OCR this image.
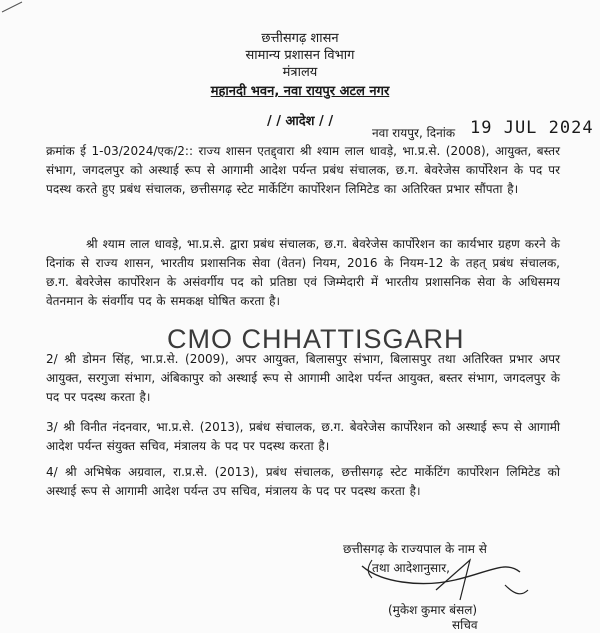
छत्तीसगढ़ शासन
सामान्य प्रशासन विभाग
मंत्रालय
महानदी भवन, नवा रायपुर अटल नगर
/ / आदेश / /
नवा रायपुर, दिनांक 19 JUL 2024
क्रमांक ई 1-03/2024/एक/2:: राज्य शासन एतद्द्वारा श्री श्याम लाल धावड़े, भा.प्र.से. (2008), आयुक्त, बस्तर संभाग, जगदलपुर को अस्थाई रूप से आगामी आदेश पर्यन्त प्रबंध संचालक, छ.ग. बेवरेजेस कार्पोरेशन के पद पर पदस्थ करते हुए प्रबंध संचालक, छत्तीसगढ़ स्टेट मार्केटिंग कार्पोरेशन लिमिटेड का अतिरिक्त प्रभार सौंपता है।
श्री श्याम लाल धावड़े, भा.प्र.से. द्वारा प्रबंध संचालक, छ.ग. बेवरेजेस कार्पोरेशन का कार्यभार ग्रहण करने के दिनांक से राज्य शासन, भारतीय प्रशासनिक सेवा (वेतन) नियम, 2016 के नियम-12 के तहत् प्रबंध संचालक, छ.ग. बेवरेजेस कार्पोरेशन के असंवर्गीय पद को प्रतिष्ठा एवं जिम्मेदारी में भारतीय प्रशासनिक सेवा के अधिसमय वेतनमान के संवर्गीय पद के समकक्ष घोषित करता है।
CMO CHHATTISGARH
2/ श्री डोमन सिंह, भा.प्र.से. (2009), अपर आयुक्त, बिलासपुर संभाग, बिलासपुर तथा अतिरिक्त प्रभार अपर आयुक्त, सरगुजा संभाग, अंबिकापुर को अस्थाई रूप से आगामी आदेश पर्यन्त आयुक्त, बस्तर संभाग, जगदलपुर के पद पर पदस्थ करता है।
3/ श्री विनीत नंदनवार, भा.प्र.से. (2013), प्रबंध संचालक, छ.ग. बेवरेजेस कार्पोरेशन को अस्थाई रूप से आगामी आदेश पर्यन्त संयुक्त सचिव, मंत्रालय के पद पर पदस्थ करता है।
4/ श्री अभिषेक अग्रवाल, रा.प्र.से. (2013), प्रबंध संचालक, छत्तीसगढ़ स्टेट मार्केटिंग कार्पोरेशन लिमिटेड को अस्थाई रूप से आगामी आदेश पर्यन्त उप सचिव, मंत्रालय के पद पर पदस्थ करता है।
छत्तीसगढ़ के राज्यपाल के नाम से
तथा आदेशानुसार,
(मुकेश कुमार बंसल)
सचिव
